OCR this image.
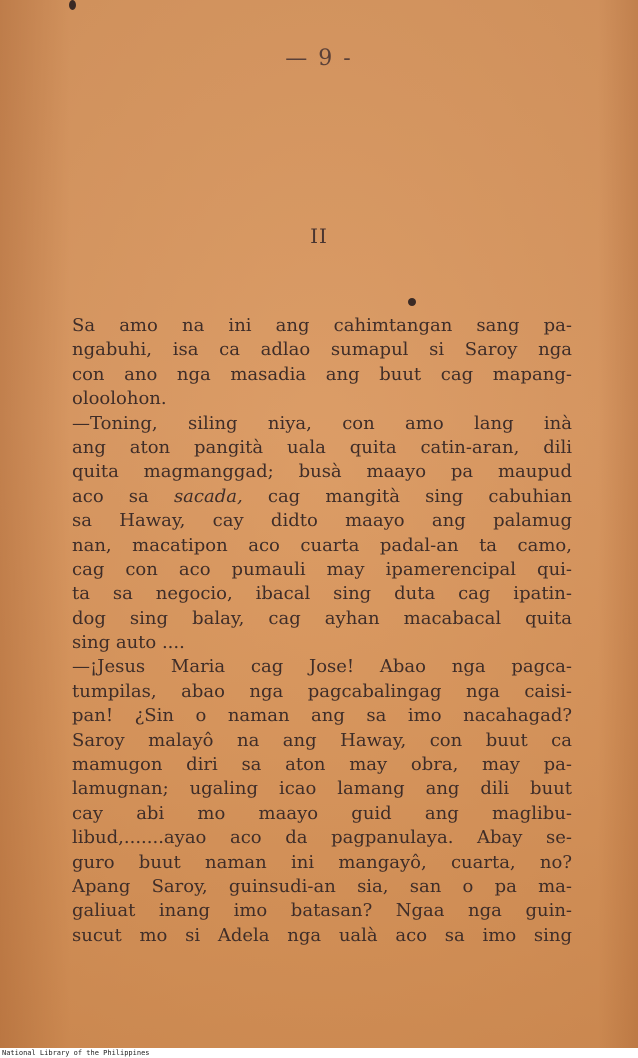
— 9 -
II
Sa amo na ini ang cahimtangan sang pa-
ngabuhi, isa ca adlao sumapul si Saroy nga
con ano nga masadia ang buut cag mapang-
oloolohon.
—Toning, siling niya, con amo lang inà
ang aton pangità uala quita catin-aran, dili
quita magmanggad; busà maayo pa maupud
aco sa sacada, cag mangità sing cabuhian
sa Haway, cay didto maayo ang palamug
nan, macatipon aco cuarta padal-an ta camo,
cag con aco pumauli may ipamerencipal qui-
ta sa negocio, ibacal sing duta cag ipatin-
dog sing balay, cag ayhan macabacal quita
sing auto ....
—¡Jesus Maria cag Jose! Abao nga pagca-
tumpilas, abao nga pagcabalingag nga caisi-
pan! ¿Sin o naman ang sa imo nacahagad?
Saroy malayô na ang Haway, con buut ca
mamugon diri sa aton may obra, may pa-
lamugnan; ugaling icao lamang ang dili buut
cay abi mo maayo guid ang maglibu-
libud,.......ayao aco da pagpanulaya. Abay se-
guro buut naman ini mangayô, cuarta, no?
Apang Saroy, guinsudi-an sia, san o pa ma-
galiuat inang imo batasan? Ngaa nga guin-
sucut mo si Adela nga ualà aco sa imo sing
National Library of the Philippines
